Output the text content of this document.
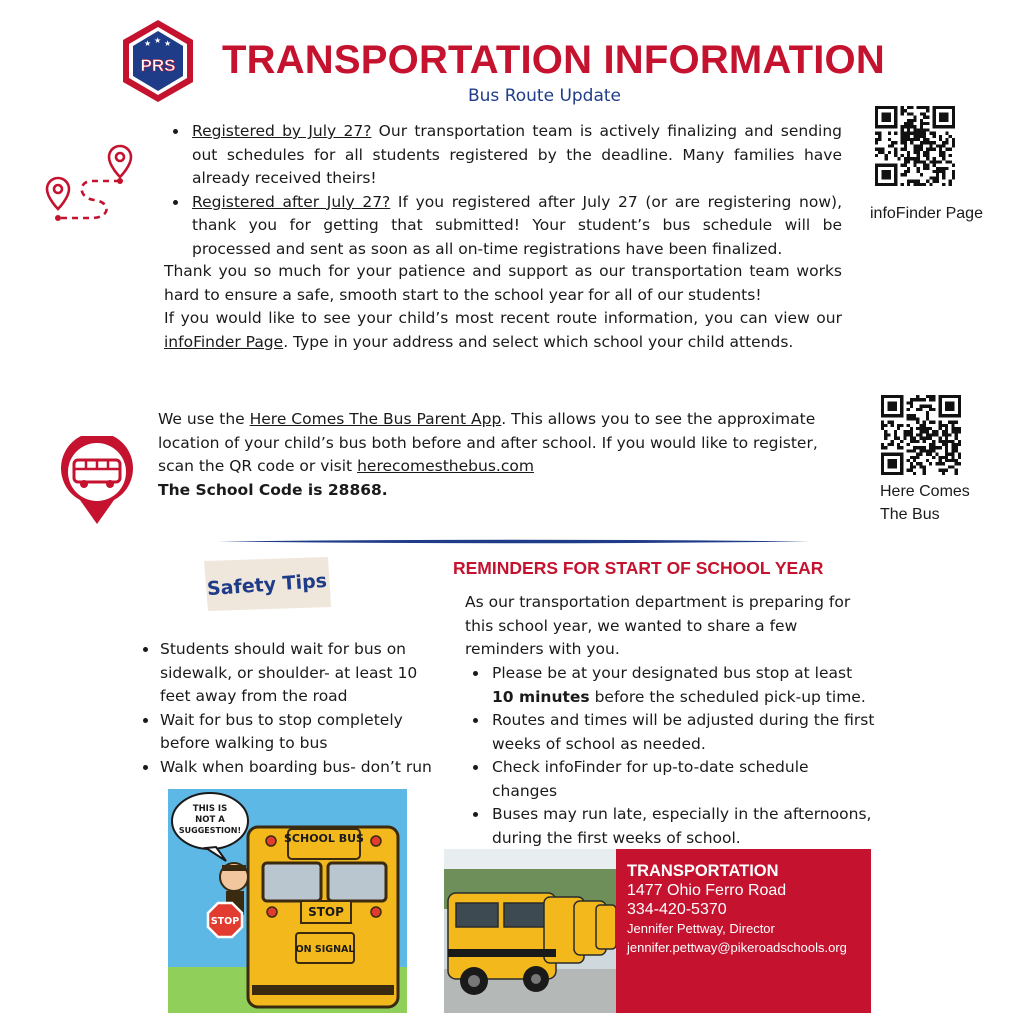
★ ★ ★
PRS TRANSPORTATION INFORMATION
Bus Route Update
Registered by July 27? Our transportation team is actively finalizing and sending out schedules for all students registered by the deadline. Many families have already received theirs!
Registered after July 27? If you registered after July 27 (or are registering now), thank you for getting that submitted! Your student’s bus schedule will be processed and sent as soon as all on-time registrations have been finalized.

Thank you so much for your patience and support as our transportation team works hard to ensure a safe, smooth start to the school year for all of our students!

If you would like to see your child’s most recent route information, you can view our infoFinder Page. Type in your address and select which school your child attends.

infoFinder Page

We use the Here Comes The Bus Parent App. This allows you to see the approximate location of your child’s bus both before and after school. If you would like to register, scan the QR code or visit herecomesthebus.com

The School Code is 28868.	Here Comes The Bus
Safety Tips
Students should wait for bus on sidewalk, or shoulder- at least 10 feet away from the road
Wait for bus to stop completely before walking to bus
Walk when boarding bus- don’t run
SCHOOL BUS
STOP
ON SIGNAL
STOP
THIS IS
NOT A
SUGGESTION!
REMINDERS FOR START OF SCHOOL YEAR

As our transportation department is preparing for this school year, we wanted to share a few reminders with you.

Please be at your designated bus stop at least 10 minutes before the scheduled pick-up time.
Routes and times will be adjusted during the first weeks of school as needed.
Check infoFinder for up-to-date schedule changes
Buses may run late, especially in the afternoons, during the first weeks of school.
TRANSPORTATION
1477 Ohio Ferro Road
334-420-5370
Jennifer Pettway, Director
jennifer.pettway@pikeroadschools.org
